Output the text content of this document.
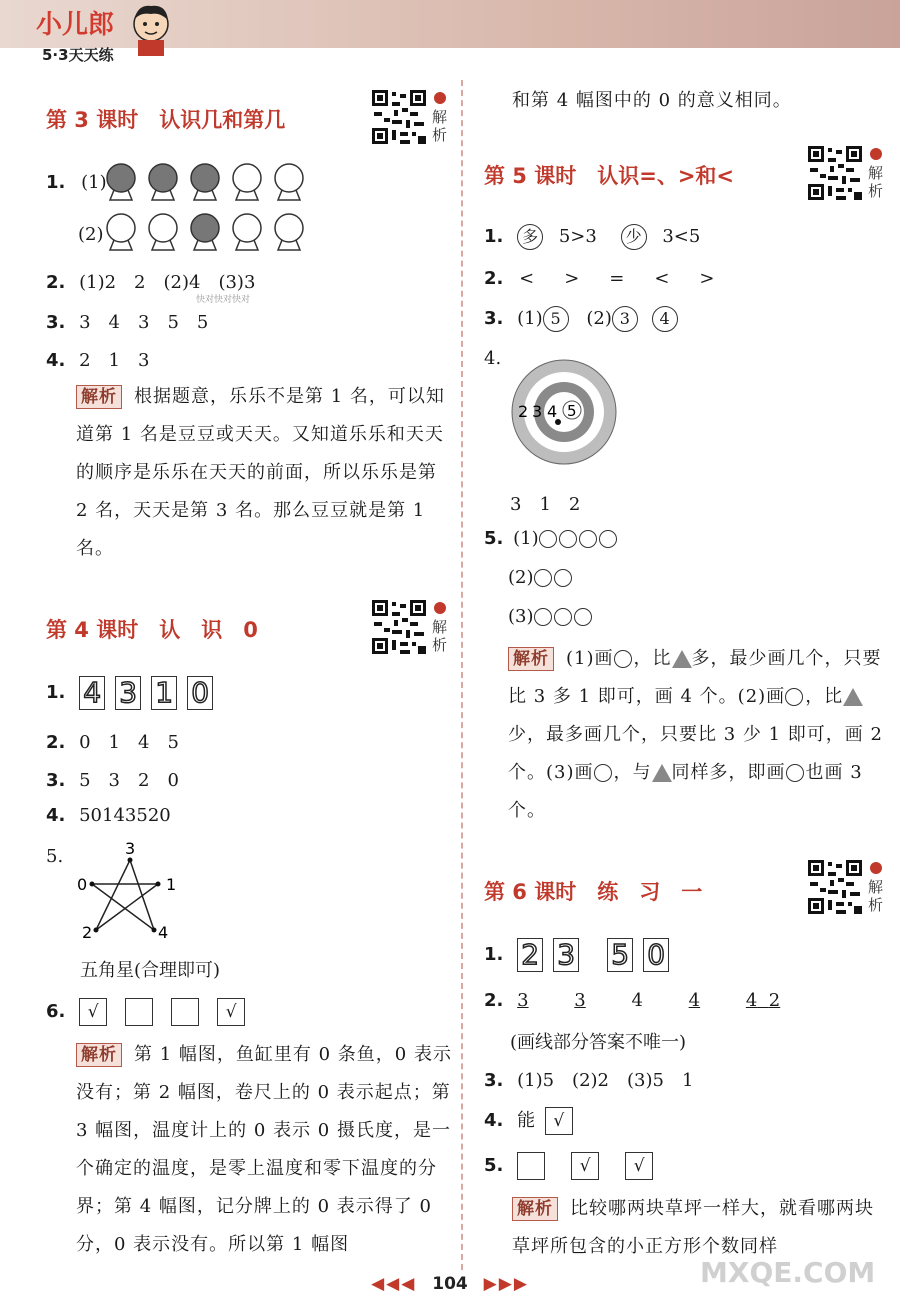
小儿郎
5·3天天练
第 3 课时　认识几和第几	解析
1. (1)
(2)
2. (1)2　2　(2)4　(3)3
快对快对快对
3. 3　4　3　5　5
4. 2　1　3
解析 根据题意，乐乐不是第 1 名，可以知道第 1 名是豆豆或天天。又知道乐乐和天天的顺序是乐乐在天天的前面，所以乐乐是第 2 名，天天是第 3 名。那么豆豆就是第 1 名。
第 4 课时　认　识　0	解析
1. 4 3 1 0
2. 0　1　4　5
3. 5　3　2　0
4. 50143520
5.	3
0	1
2	4
五角星(合理即可)
6. √	√
解析 第 1 幅图，鱼缸里有 0 条鱼，0 表示没有；第 2 幅图，卷尺上的 0 表示起点；第 3 幅图，温度计上的 0 表示 0 摄氏度，是一个确定的温度，是零上温度和零下温度的分界；第 4 幅图，记分牌上的 0 表示得了 0 分，0 表示没有。所以第 1 幅图
和第 4 幅图中的 0 的意义相同。
第 5 课时　认识=、>和<	解析
1. 多 5>3 少 3<5
2. <　>　=　<　>
3. (1) 5 (2) 3 4
4.
2 3 4 5
3　1　2
5. (1)
(2)
(3)
解析 (1)画 ，比 多，最少画几个，只要比 3 多 1 即可，画 4 个。(2)画 ，比少，最多画几个，只要比 3 少 1 即可，画 2 个。(3)画 ，与 同样多，即画 也画 3 个。
第 6 课时　练　习　一	解析
1. 2 3 5 0
2. 3	3	4	4	4 2
(画线部分答案不唯一)
3. (1)5　(2)2　(3)5　1
4. 能 √
5.	√	√
解析 比较哪两块草坪一样大，就看哪两块草坪所包含的小正方形个数同样
MXQE.COM
◀◀◀ 104 ▶▶▶
